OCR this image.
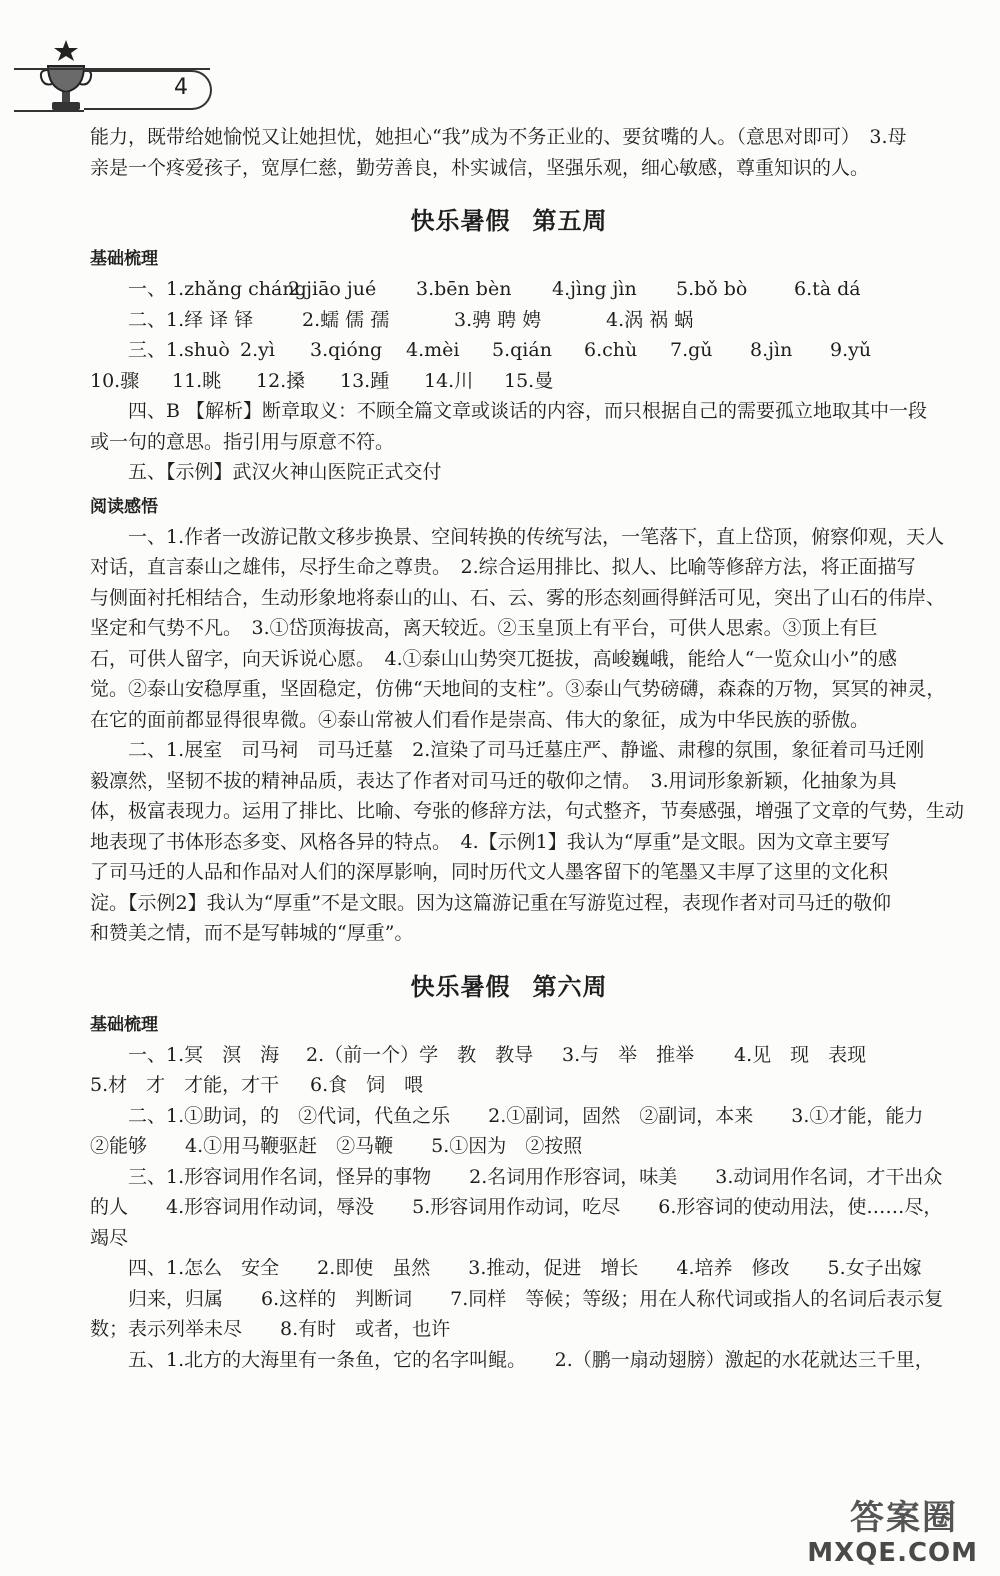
4

能力，既带给她愉悦又让她担忧，她担心“我”成为不务正业的、要贫嘴的人。（意思对即可）　3.母
亲是一个疼爱孩子，宽厚仁慈，勤劳善良，朴实诚信，坚强乐观，细心敏感，尊重知识的人。

快乐暑假 第五周
基础梳理
一、1.zhǎng cháng
2.jiāo jué	3.bēn bèn	4.jìng jìn	5.bǒ bò	6.tà dá
二、1.绎 译 铎	2.蠕 儒 孺	3.骋 聘 娉	4.涡 祸 蜗
三、1.shuò 2.yì	3.qióng	4.mèi	5.qián	6.chù	7.gǔ	8.jìn	9.yǔ
10.骤	11.眺	12.搡	13.踵	14.川	15.曼

四、B 【解析】断章取义：不顾全篇文章或谈话的内容，而只根据自己的需要孤立地取其中一段
或一句的意思。指引用与原意不符。

五、【示例】武汉火神山医院正式交付

阅读感悟

一、1.作者一改游记散文移步换景、空间转换的传统写法，一笔落下，直上岱顶，俯察仰观，天人
对话，直言泰山之雄伟，尽抒生命之尊贵。　2.综合运用排比、拟人、比喻等修辞方法，将正面描写
与侧面衬托相结合，生动形象地将泰山的山、石、云、雾的形态刻画得鲜活可见，突出了山石的伟岸、
坚定和气势不凡。　3.①岱顶海拔高，离天较近。②玉皇顶上有平台，可供人思索。③顶上有巨
石，可供人留字，向天诉说心愿。　4.①泰山山势突兀挺拔，高峻巍峨，能给人“一览众山小”的感
觉。②泰山安稳厚重，坚固稳定，仿佛“天地间的支柱”。③泰山气势磅礴，森森的万物，冥冥的神灵，
在它的面前都显得很卑微。④泰山常被人们看作是崇高、伟大的象征，成为中华民族的骄傲。

二、1.展室　司马祠　司马迁墓　2.渲染了司马迁墓庄严、静谧、肃穆的氛围，象征着司马迁刚
毅凛然，坚韧不拔的精神品质，表达了作者对司马迁的敬仰之情。　3.用词形象新颖，化抽象为具
体，极富表现力。运用了排比、比喻、夸张的修辞方法，句式整齐，节奏感强，增强了文章的气势，生动
地表现了书体形态多变、风格各异的特点。　4.【示例1】我认为“厚重”是文眼。因为文章主要写
了司马迁的人品和作品对人们的深厚影响，同时历代文人墨客留下的笔墨又丰厚了这里的文化积
淀。【示例2】我认为“厚重”不是文眼。因为这篇游记重在写游览过程，表现作者对司马迁的敬仰
和赞美之情，而不是写韩城的“厚重”。

快乐暑假 第六周
基础梳理
一、1.冥　溟　海	2.（前一个）学　教　教导	3.与　举　推举	4.见　现　表现
5.材　才　才能，才干	6.食　饲　喂

二、1.①助词，的　②代词，代鱼之乐　　2.①副词，固然　②副词，本来　　3.①才能，能力
②能够　　4.①用马鞭驱赶　②马鞭　　5.①因为　②按照

三、1.形容词用作名词，怪异的事物　　2.名词用作形容词，味美　　3.动词用作名词，才干出众
的人　　4.形容词用作动词，辱没　　5.形容词用作动词，吃尽　　6.形容词的使动用法，使……尽，
竭尽

四、1.怎么　安全　　2.即使　虽然　　3.推动，促进　增长　　4.培养　修改　　5.女子出嫁
归来，归属　　6.这样的　判断词　　7.同样　等候；等级；用在人称代词或指人的名词后表示复
数；表示列举未尽　　8.有时　或者，也许

五、1.北方的大海里有一条鱼，它的名字叫鲲。　　2.（鹏一扇动翅膀）激起的水花就达三千里，

答案圈
MXQE.COM
